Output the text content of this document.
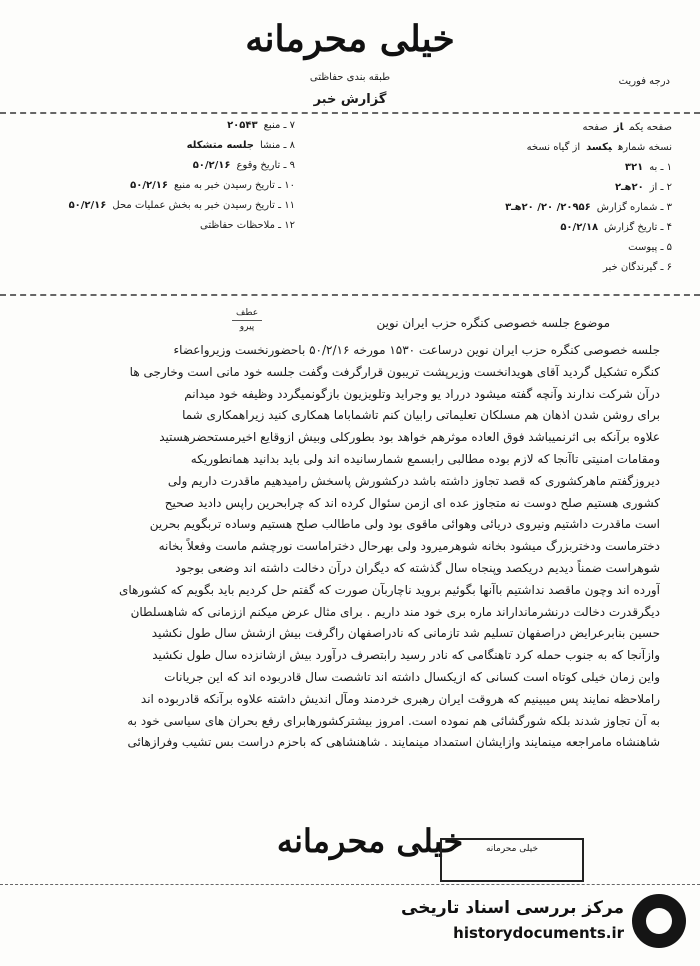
خیلی محرمانه
طبقه بندی حفاظتی
گزارش خبر
درجه فوریت
صفحه یکمازصفحه
نسخه شمارهیکسداز گیاه نسخه
۱ ـ به۳۲۱
۲ ـ از۲۰هـ۲
۳ ـ شماره گزارش۲۰۹۵۶/ ۲۰/ ۲۰هـ۳
۴ ـ تاریخ گزارش۵۰/۲/۱۸
۵ ـ پیوست
۶ ـ گیرندگان خبر
۷ ـ منبع۲۰۵۴۳
۸ ـ منشاجلسه متشکله
۹ ـ تاریخ وقوع۵۰/۲/۱۶
۱۰ ـ تاریخ رسیدن خبر به منبع۵۰/۲/۱۶
۱۱ ـ تاریخ رسیدن خبر به بخش عملیات محل۵۰/۲/۱۶
۱۲ ـ ملاحظات حفاظتی
عطف
پیرو	موضوع جلسه خصوصی کنگره حزب ایران نوین

جلسه خصوصی کنگره حزب ایران نوین درساعت ۱۵۳۰ مورخه ۵۰/۲/۱۶ باحضورنخست وزیرواعضاء

کنگره تشکیل گردید آقای هویدانخست وزیرپشت تریبون قرارگرفت وگفت جلسه خود مانی است وخارجی ها

درآن شرکت ندارند وآنچه گفته میشود درراد یو وجراید وتلویزیون بازگونمیگردد وظیفه خود میدانم

برای روشن شدن اذهان هم مسلکان تعلیماتی رابیان کنم تاشماباما همکاری کنید زیراهمکاری شما

علاوه برآنکه بی اثرنمیباشد فوق العاده موثرهم خواهد بود بطورکلی وبیش ازوقایع اخیرمستحضرهستید

ومقامات امنیتی تاآنجا که لازم بوده مطالبی رابسمع شمارسانیده اند ولی باید بدانید همانطوریکه

دیروزگفتم ماهرکشوری که قصد تجاوز داشته باشد درکشورش پاسخش رامیدهیم ماقدرت داریم ولی

کشوری هستیم صلح دوست نه متجاوز عده ای ازمن سئوال کرده اند که چرابحرین راپس دادید صحیح

است ماقدرت داشتیم ونیروی دریائی وهوائی ماقوی بود ولی ماطالب صلح هستیم وساده تربگویم بحرین

دخترماست ودختربزرگ میشود بخانه شوهرمیرود ولی بهرحال دختراماست نورچشم ماست وفعلاً بخانه

شوهراست ضمناً دیدیم دریکصد وپنجاه سال گذشته که دیگران درآن دخالت داشته اند وضعی بوجود

آورده اند وچون ماقصد نداشتیم باآنها بگوئیم بروید ناچاربآن صورت که گفتم حل کردیم باید بگویم که کشورهای

دیگرقدرت دخالت درنشرمانداراند ماره بری خود مند داریم . برای مثال عرض میکنم اززمانی که شاهسلطان

حسین بنابرعرایض دراصفهان تسلیم شد تازمانی که نادراصفهان راگرفت بیش ازشش سال طول نکشید

وازآنجا که به جنوب حمله کرد تاهنگامی که نادر رسید رابتصرف درآورد بیش ازشانزده سال طول نکشید

واین زمان خیلی کوتاه است کسانی که ازیکسال داشته اند تاشصت سال قادربوده اند که این جریانات

راملاحظه نمایند پس میبینیم که هروقت ایران رهبری خردمند ومآل اندیش داشته علاوه برآنکه قادربوده اند

به آن تجاوز شدند بلکه شورگشائی هم نموده است. امروز بیشترکشورهابرای رفع بحران های سیاسی خود به

شاهنشاه مامراجعه مینمایند وازایشان استمداد مینمایند . شاهنشاهی که باحزم دراست بس تشیب وفرازهائی

خیلی محرمانه	خیلی محرمانه
مرکز بررسی اسناد تاریخی
historydocuments.ir
